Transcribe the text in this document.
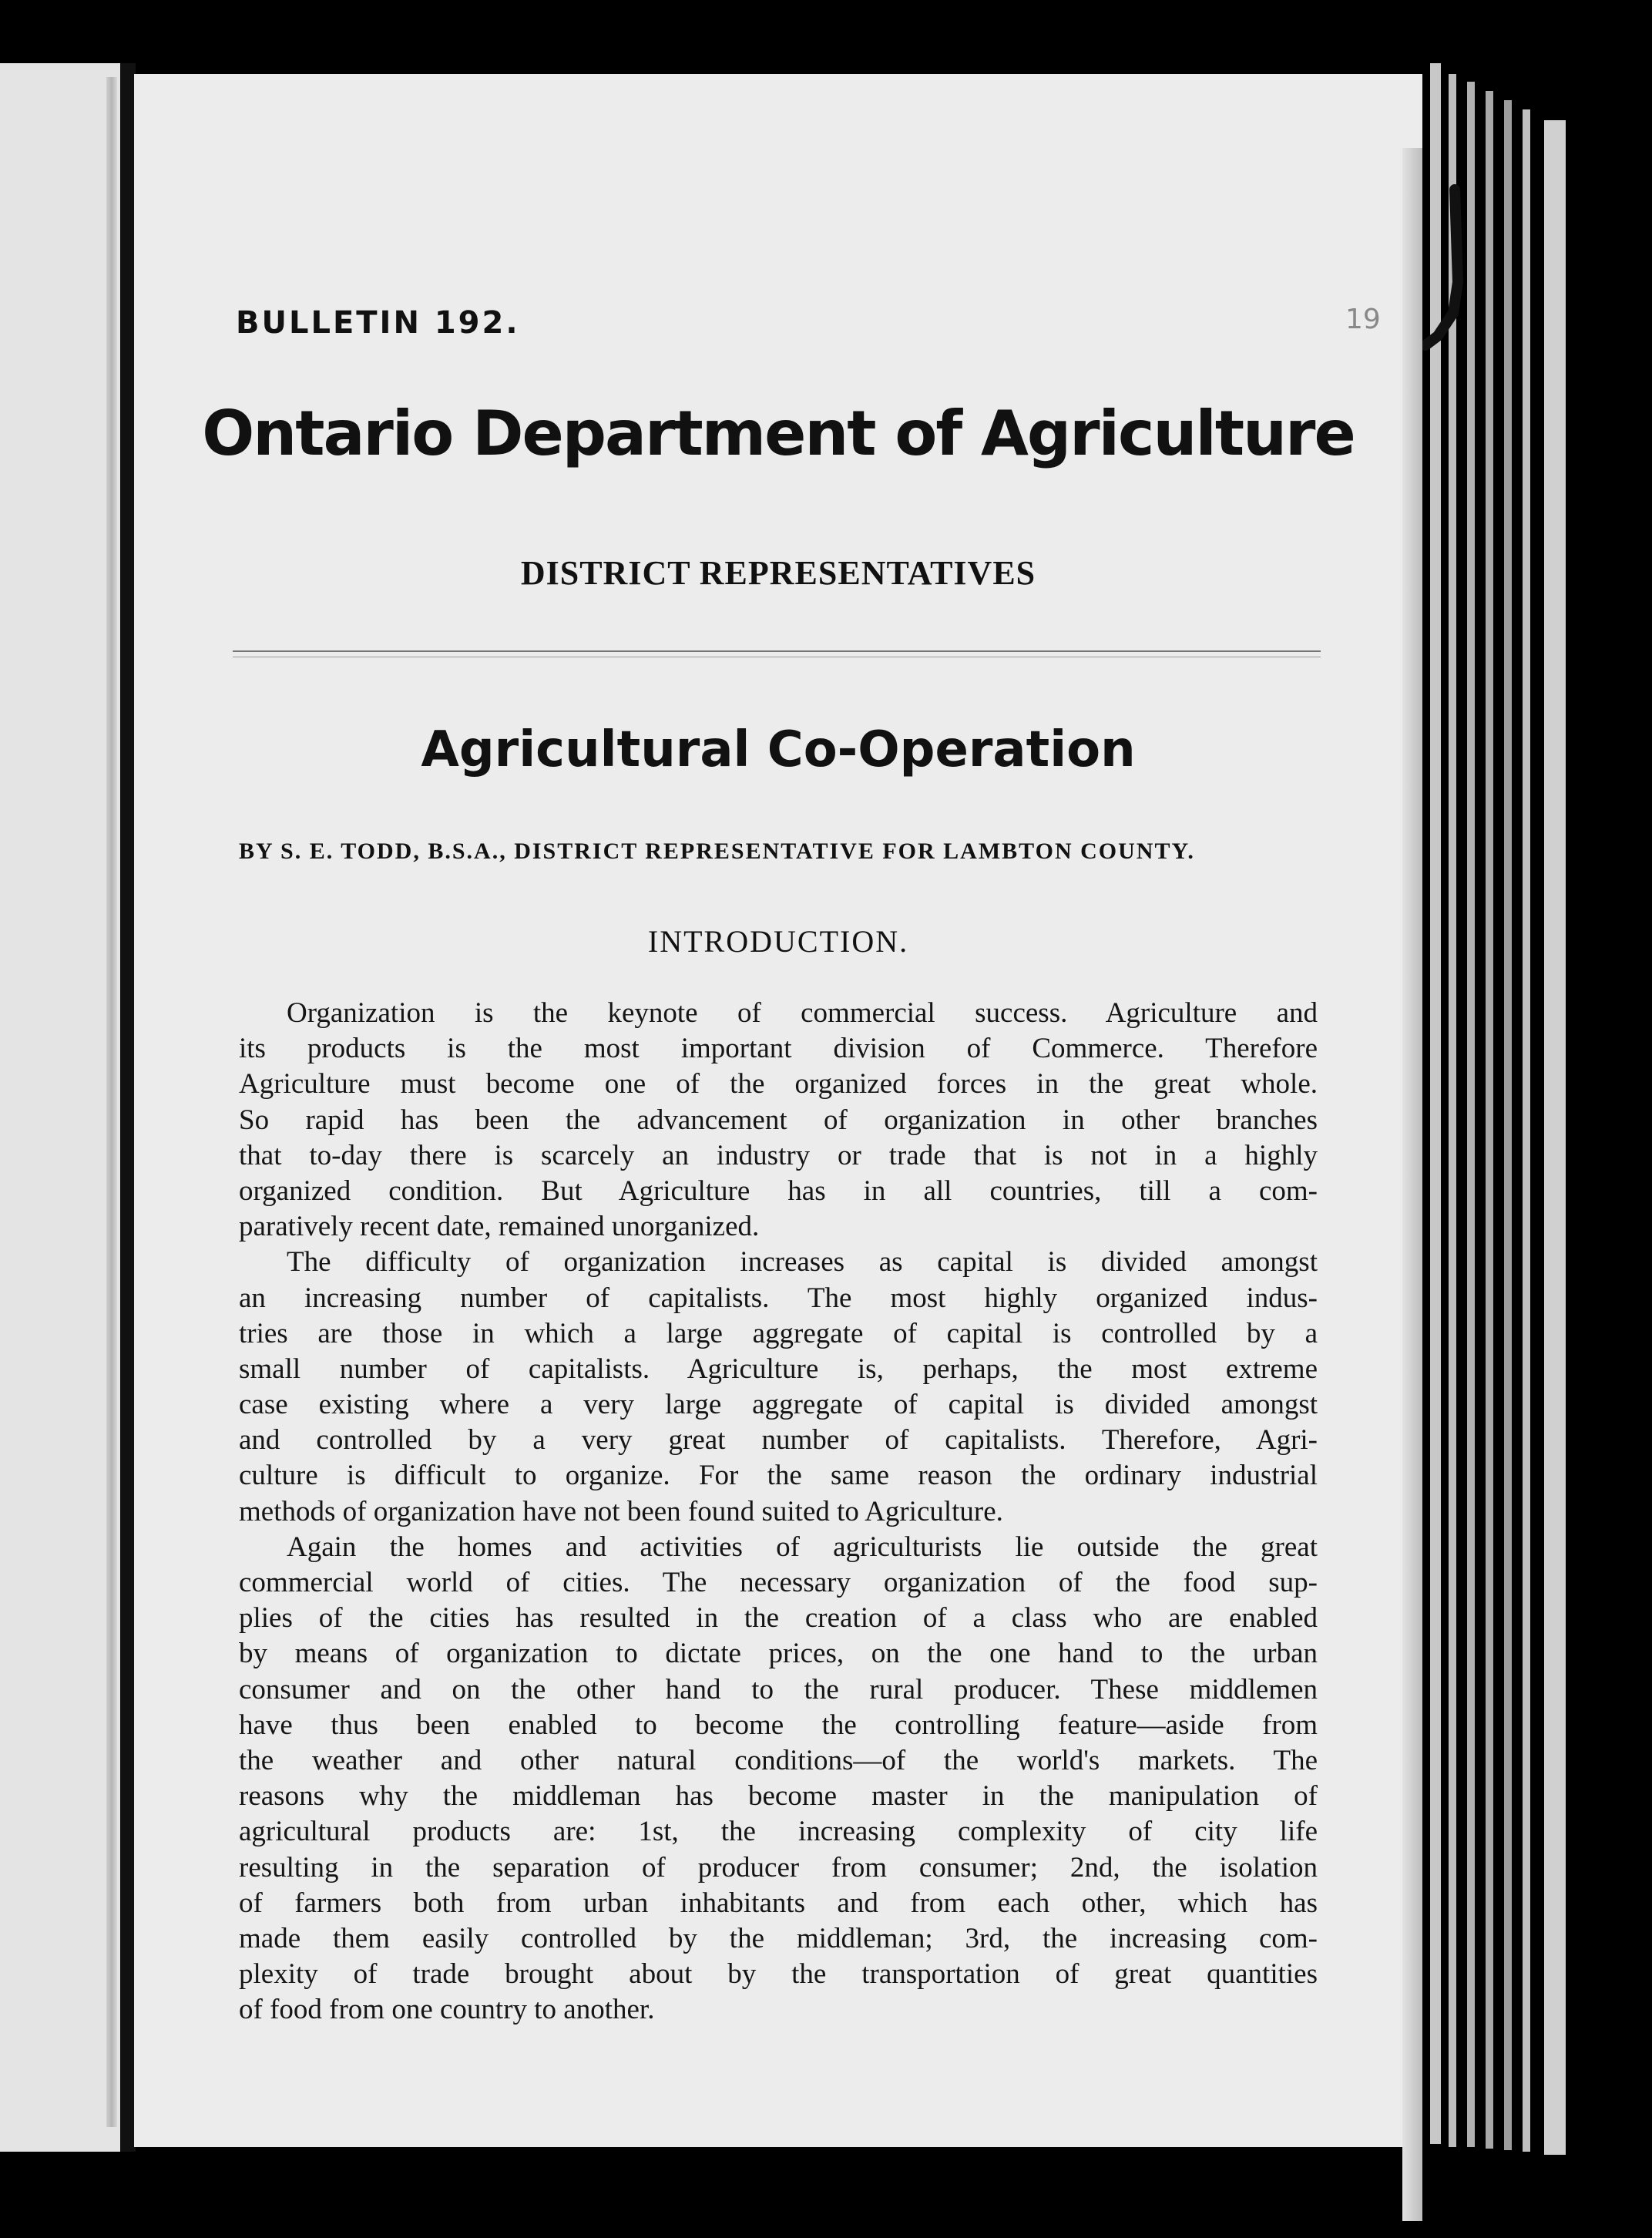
BULLETIN 192.	19
Ontario Department of Agriculture
DISTRICT REPRESENTATIVES
Agricultural Co-Operation
BY S. E. TODD, B.S.A., DISTRICT REPRESENTATIVE FOR LAMBTON COUNTY.
INTRODUCTION.
Organization is the keynote of commercial success. Agriculture and
its products is the most important division of Commerce. Therefore
Agriculture must become one of the organized forces in the great whole.
So rapid has been the advancement of organization in other branches
that to-day there is scarcely an industry or trade that is not in a highly
organized condition. But Agriculture has in all countries, till a com-
paratively recent date, remained unorganized.
The difficulty of organization increases as capital is divided amongst
an increasing number of capitalists. The most highly organized indus-
tries are those in which a large aggregate of capital is controlled by a
small number of capitalists. Agriculture is, perhaps, the most extreme
case existing where a very large aggregate of capital is divided amongst
and controlled by a very great number of capitalists. Therefore, Agri-
culture is difficult to organize. For the same reason the ordinary industrial
methods of organization have not been found suited to Agriculture.
Again the homes and activities of agriculturists lie outside the great
commercial world of cities. The necessary organization of the food sup-
plies of the cities has resulted in the creation of a class who are enabled
by means of organization to dictate prices, on the one hand to the urban
consumer and on the other hand to the rural producer. These middlemen
have thus been enabled to become the controlling feature—aside from
the weather and other natural conditions—of the world's markets. The
reasons why the middleman has become master in the manipulation of
agricultural products are: 1st, the increasing complexity of city life
resulting in the separation of producer from consumer; 2nd, the isolation
of farmers both from urban inhabitants and from each other, which has
made them easily controlled by the middleman; 3rd, the increasing com-
plexity of trade brought about by the transportation of great quantities
of food from one country to another.
